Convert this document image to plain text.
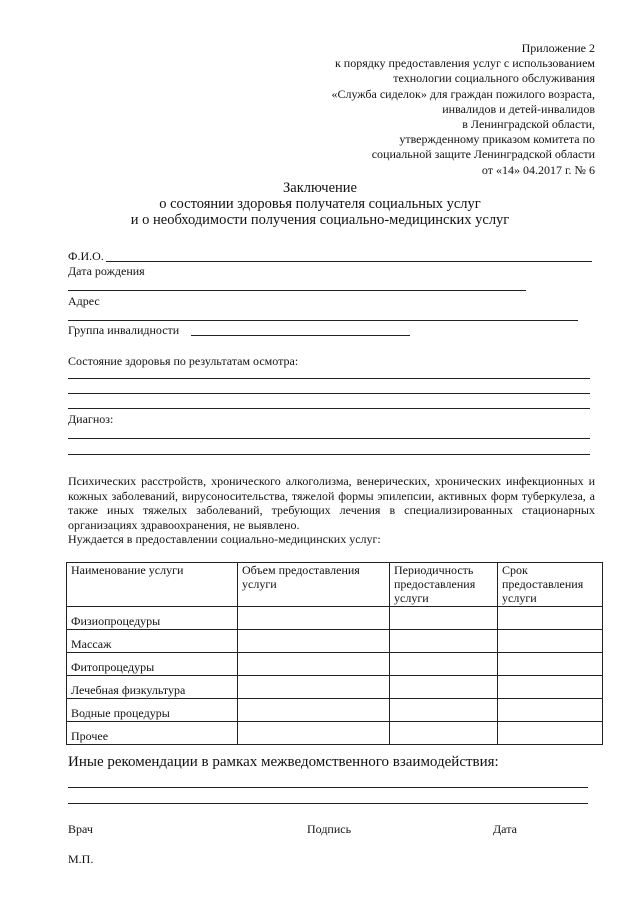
Приложение 2
к порядку предоставления услуг с использованием
технологии социального обслуживания
«Служба сиделок» для граждан пожилого возраста,
инвалидов и детей-инвалидов
в Ленинградской области,
утвержденному приказом комитета по
социальной защите Ленинградской области
от «14» 04.2017 г. № 6
Заключение
о состоянии здоровья получателя социальных услуг
и о необходимости получения социально-медицинских услуг
Ф.И.О.
Дата рождения
Адрес
Группа инвалидности
Состояние здоровья по результатам осмотра:
Диагноз:
Психических расстройств, хронического алкоголизма, венерических, хронических инфекционных и кожных заболеваний, вирусоносительства, тяжелой формы эпилепсии, активных форм туберкулеза, а также иных тяжелых заболеваний, требующих лечения в специализированных стационарных организациях здравоохранения, не выявлено.
Нуждается в предоставлении социально-медицинских услуг:
Наименование услуги	Объем предоставления услуги	Периодичность предоставления услуги	Срок предоставления услуги
Физиопроцедуры			
Массаж			
Фитопроцедуры			
Лечебная физкультура			
Водные процедуры			
Прочее			
Иные рекомендации в рамках межведомственного взаимодействия:
Врач	Подпись	Дата
М.П.
